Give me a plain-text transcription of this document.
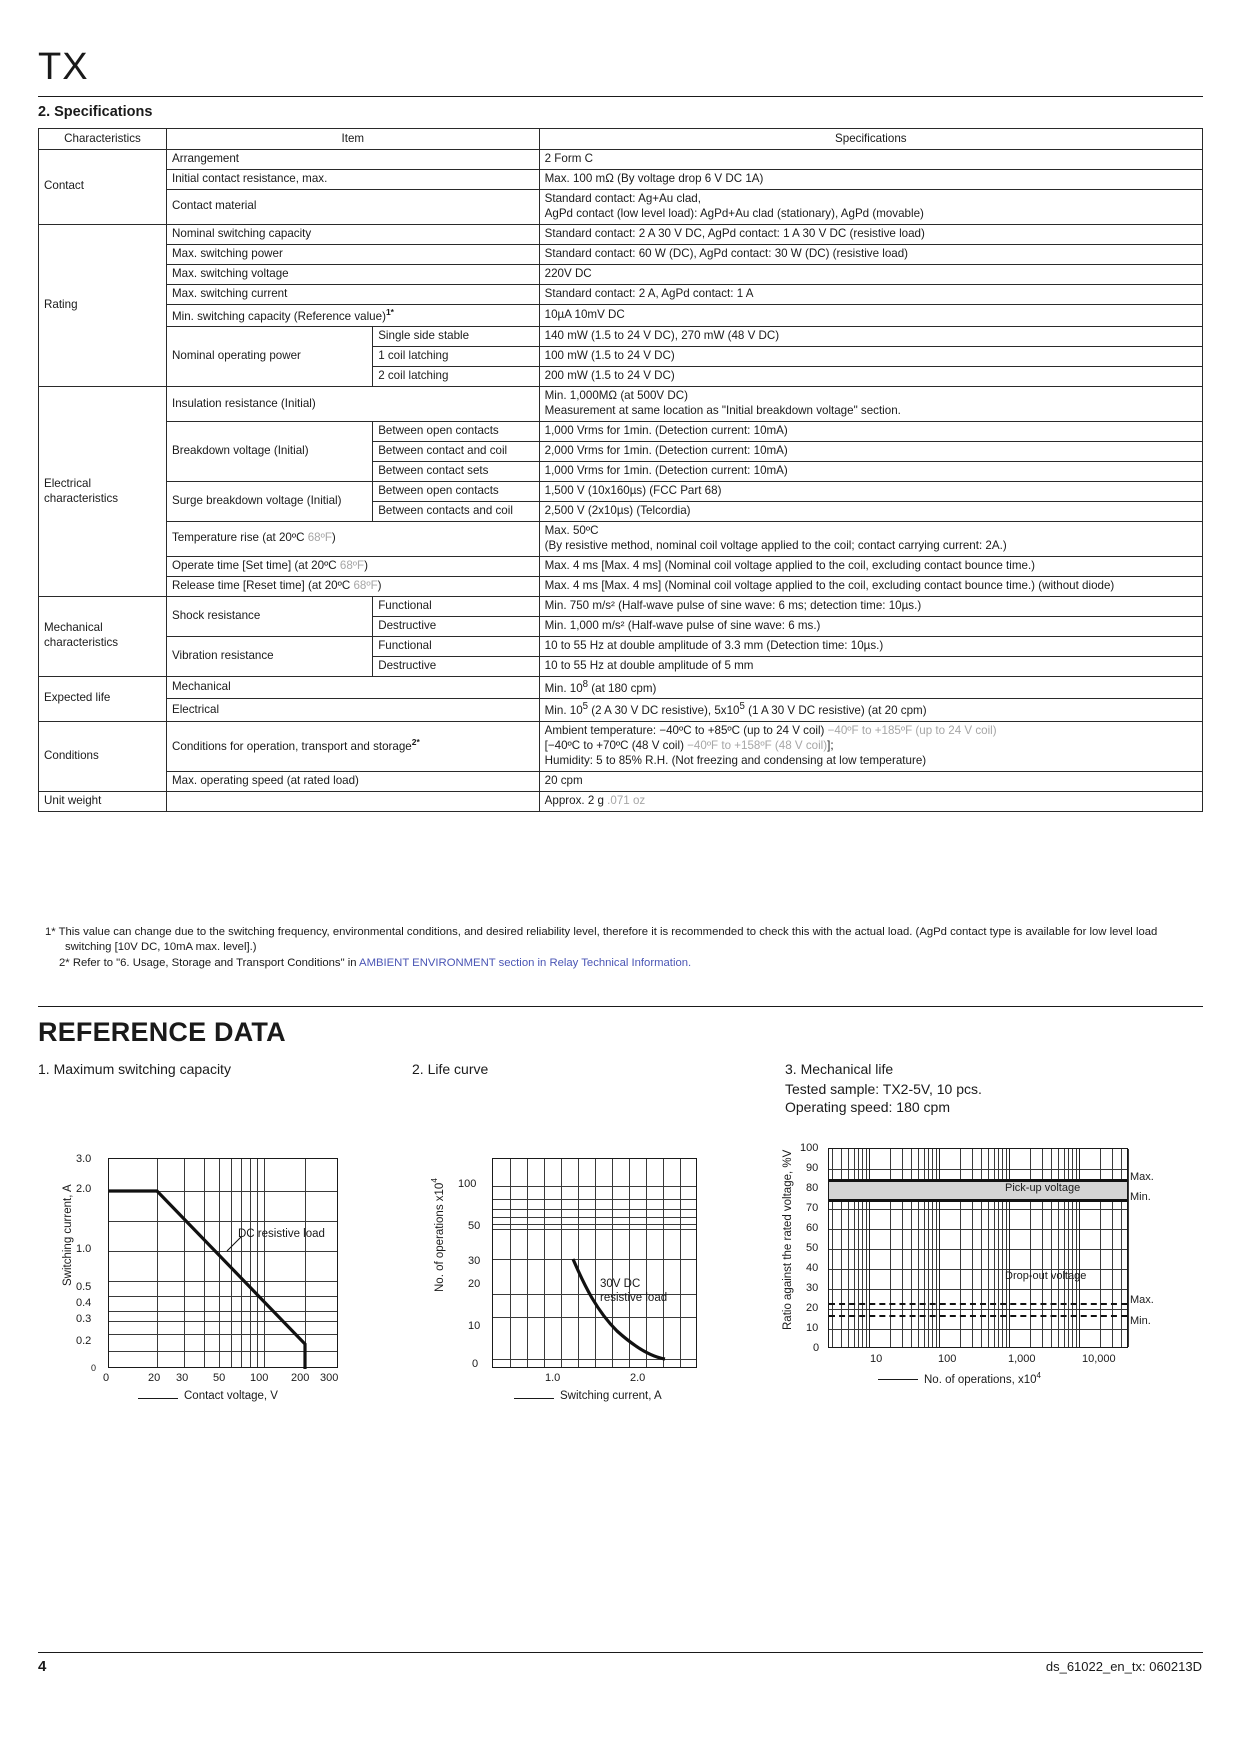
TX
2. Specifications
Characteristics	Item		Specifications
Contact	Arrangement		2 Form C
	Initial contact resistance, max.		Max. 100 mΩ (By voltage drop 6 V DC 1A)
	Contact material		Standard contact: Ag+Au clad,
AgPd contact (low level load): AgPd+Au clad (stationary), AgPd (movable)
Rating	Nominal switching capacity		Standard contact: 2 A 30 V DC, AgPd contact: 1 A 30 V DC (resistive load)
	Max. switching power		Standard contact: 60 W (DC), AgPd contact: 30 W (DC) (resistive load)
	Max. switching voltage		220V DC
	Max. switching current		Standard contact: 2 A, AgPd contact: 1 A
	Min. switching capacity (Reference value)$^{1*}$		10µA 10mV DC
	Nominal operating power	Single side stable	140 mW (1.5 to 24 V DC), 270 mW (48 V DC)
		1 coil latching	100 mW (1.5 to 24 V DC)
		2 coil latching	200 mW (1.5 to 24 V DC)
Electrical characteristics	Insulation resistance (Initial)		Min. 1,000MΩ (at 500V DC)
Measurement at same location as "Initial breakdown voltage" section.
	Breakdown voltage (Initial)	Between open contacts	1,000 Vrms for 1min. (Detection current: 10mA)
		Between contact and coil	2,000 Vrms for 1min. (Detection current: 10mA)
		Between contact sets	1,000 Vrms for 1min. (Detection current: 10mA)
	Surge breakdown voltage (Initial)	Between open contacts	1,500 V (10x160µs) (FCC Part 68)
		Between contacts and coil	2,500 V (2x10µs) (Telcordia)
	Temperature rise (at 20ºC 68ºF)		Max. 50ºC
(By resistive method, nominal coil voltage applied to the coil; contact carrying current: 2A.)
	Operate time [Set time] (at 20ºC 68ºF)		Max. 4 ms [Max. 4 ms] (Nominal coil voltage applied to the coil, excluding contact bounce time.)
	Release time [Reset time] (at 20ºC 68ºF)		Max. 4 ms [Max. 4 ms] (Nominal coil voltage applied to the coil, excluding contact bounce time.) (without diode)
Mechanical characteristics	Shock resistance	Functional	Min. 750 m/s² (Half-wave pulse of sine wave: 6 ms; detection time: 10µs.)
		Destructive	Min. 1,000 m/s² (Half-wave pulse of sine wave: 6 ms.)
	Vibration resistance	Functional	10 to 55 Hz at double amplitude of 3.3 mm (Detection time: 10µs.)
		Destructive	10 to 55 Hz at double amplitude of 5 mm
Expected life	Mechanical		Min. $10^8$ (at 180 cpm)
	Electrical		Min. $10^5$ (2 A 30 V DC resistive), $5x10^5$ (1 A 30 V DC resistive) (at 20 cpm)
Conditions	Conditions for operation, transport and storage$^{2*}$		Ambient temperature: −40ºC to +85ºC (up to 24 V coil) −40ºF to +185ºF (up to 24 V coil)
[−40ºC to +70ºC (48 V coil) −40ºF to +158ºF (48 V coil)];
Humidity: 5 to 85% R.H. (Not freezing and condensing at low temperature)
	Max. operating speed (at rated load)		20 cpm
Unit weight			Approx. 2 g .071 oz
1* This value can change due to the switching frequency, environmental conditions, and desired reliability level, therefore it is recommended to check this with the actual load. (AgPd contact type is available for low level load switching [10V DC, 10mA max. level].)
2* Refer to "6. Usage, Storage and Transport Conditions" in AMBIENT ENVIRONMENT section in Relay Technical Information.
REFERENCE DATA
1. Maximum switching capacity	2. Life curve	3. Mechanical life
Tested sample: TX2-5V, 10 pcs.
Operating speed: 180 cpm
Switching current, A
3.0
2.0
1.0
0.5
0.4
0.3
0.2
0
DC resistive load
0	20 30 50 100 200 300
Contact voltage, V
No. of operations $x10^4$	100
50
30
20
10
0
30V DC
resistive load
1.0	2.0
Switching current, A
Ratio against the rated voltage, %V
100
90
80
70
60
50
40
30
20
10
0
Pick-up voltage
Drop-out voltage
Max.
Min.
Max.
Min.
10	100	1,000	10,000
No. of operations, $x10^4$
4	ds_61022_en_tx: 060213D
